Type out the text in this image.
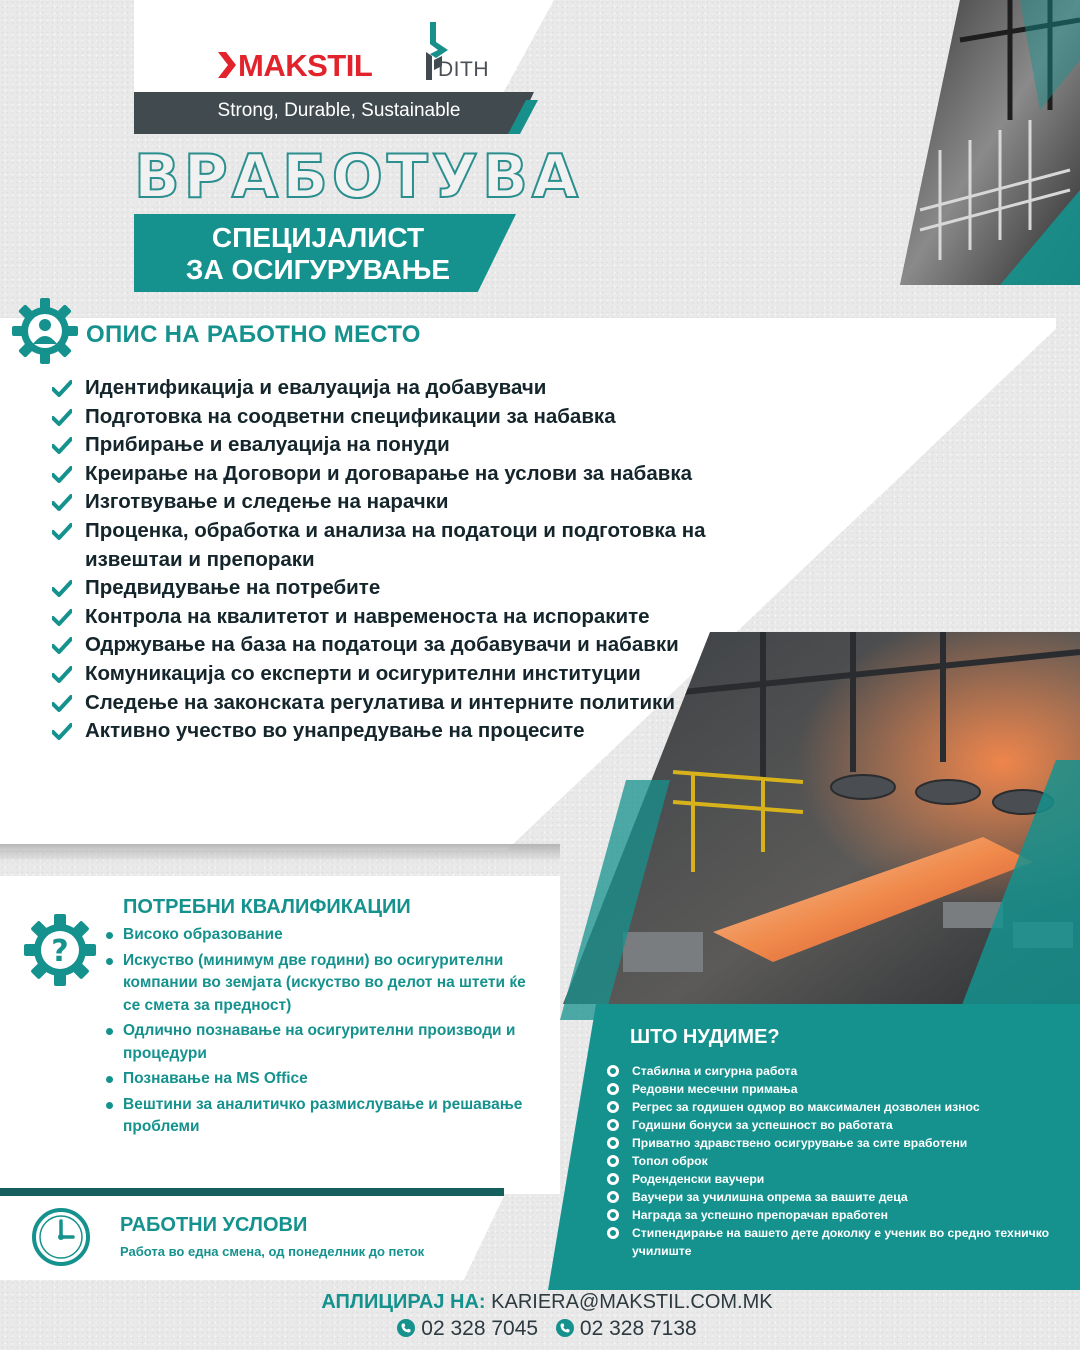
MAKSTIL	DITH
Strong, Durable, Sustainable
ВРАБОТУВА
СПЕЦИЈАЛИСТ
ЗА ОСИГУРУВАЊЕ
ОПИС НА РАБОТНО МЕСТО
Идентификација и евалуација на добавувачи
Подготовка на соодветни спецификации за набавка
Прибирање и евалуација на понуди
Креирање на Договори и договарање на услови за набавка
Изготвување и следење на нарачки
Проценка, обработка и анализа на податоци и подготовка на извештаи и препораки
Предвидување на потребите
Контрола на квалитетот и навременоста на испораките
Одржување на база на податоци за добавувачи и набавки
Комуникација со експерти и осигурителни институции
Следење на законската регулатива и интерните политики
Активно учество во унапредување на процесите
?
ПОТРЕБНИ КВАЛИФИКАЦИИ
Високо образование
Искуство (минимум две години) во осигурителни компании во земјата (искуство во делот на штети ќе се смета за предност)
Одлично познавање на осигурителни производи и процедури
Познавање на MS Office
Вештини за аналитичко размислување и решавање проблеми
ШТО НУДИМЕ?
Стабилна и сигурна работа
Редовни месечни примања
Регрес за годишен одмор во максимален дозволен износ
Годишни бонуси за успешност во работата
Приватно здравствено осигурување за сите вработени
Топол оброк
Роденденски ваучери
Ваучери за училишна опрема за вашите деца
Награда за успешно препорачан вработен
Стипендирање на вашето дете доколку е ученик во средно техничко училиште
РАБОТНИ УСЛОВИ
Работа во една смена, од понеделник до петок
АПЛИЦИРАЈ НА: KARIERA@MAKSTIL.COM.MK
02 328 7045 02 328 7138
